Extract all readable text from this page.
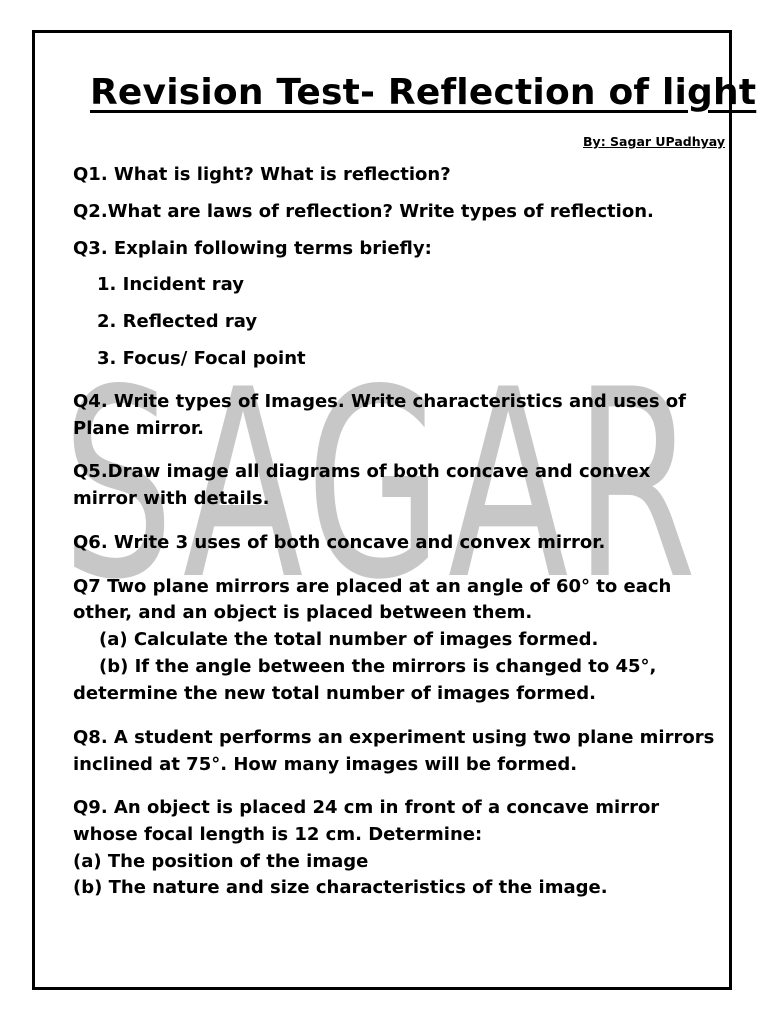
SAGAR
Revision Test- Reflection of light
By: Sagar UPadhyay
Q1. What is light? What is reflection?
Q2.What are laws of reflection? Write types of reflection.
Q3. Explain following terms briefly:
1. Incident ray
2. Reflected ray
3. Focus/ Focal point
Q4. Write types of Images. Write characteristics and uses of
Plane mirror.
Q5.Draw image all diagrams of both concave and convex
mirror with details.
Q6. Write 3 uses of both concave and convex mirror.
Q7 Two plane mirrors are placed at an angle of 60° to each
other, and an object is placed between them.
(a) Calculate the total number of images formed.
(b) If the angle between the mirrors is changed to 45°,
determine the new total number of images formed.
Q8. A student performs an experiment using two plane mirrors
inclined at 75°. How many images will be formed.
Q9. An object is placed 24 cm in front of a concave mirror
whose focal length is 12 cm. Determine:
(a) The position of the image
(b) The nature and size characteristics of the image.
